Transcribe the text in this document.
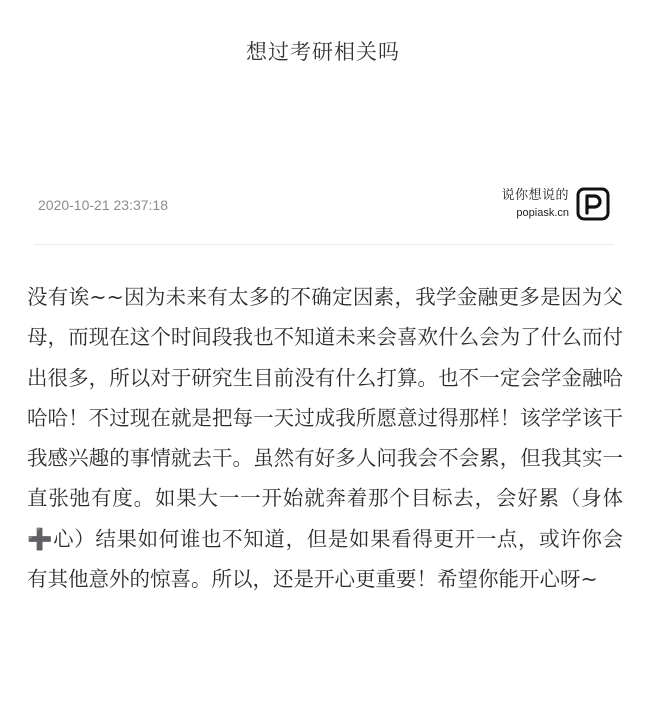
想过考研相关吗
2020-10-21 23:37:18
说你想说的
popiask.cn
没有诶~~因为未来有太多的不确定因素，我学金融更多是因为父母，而现在这个时间段我也不知道未来会喜欢什么会为了什么而付出很多，所以对于研究生目前没有什么打算。也不一定会学金融哈哈哈！不过现在就是把每一天过成我所愿意过得那样！该学学该干我感兴趣的事情就去干。虽然有好多人问我会不会累，但我其实一直张弛有度。如果大一一开始就奔着那个目标去，会好累（身体➕心）结果如何谁也不知道，但是如果看得更开一点，或许你会有其他意外的惊喜。所以，还是开心更重要！希望你能开心呀~
